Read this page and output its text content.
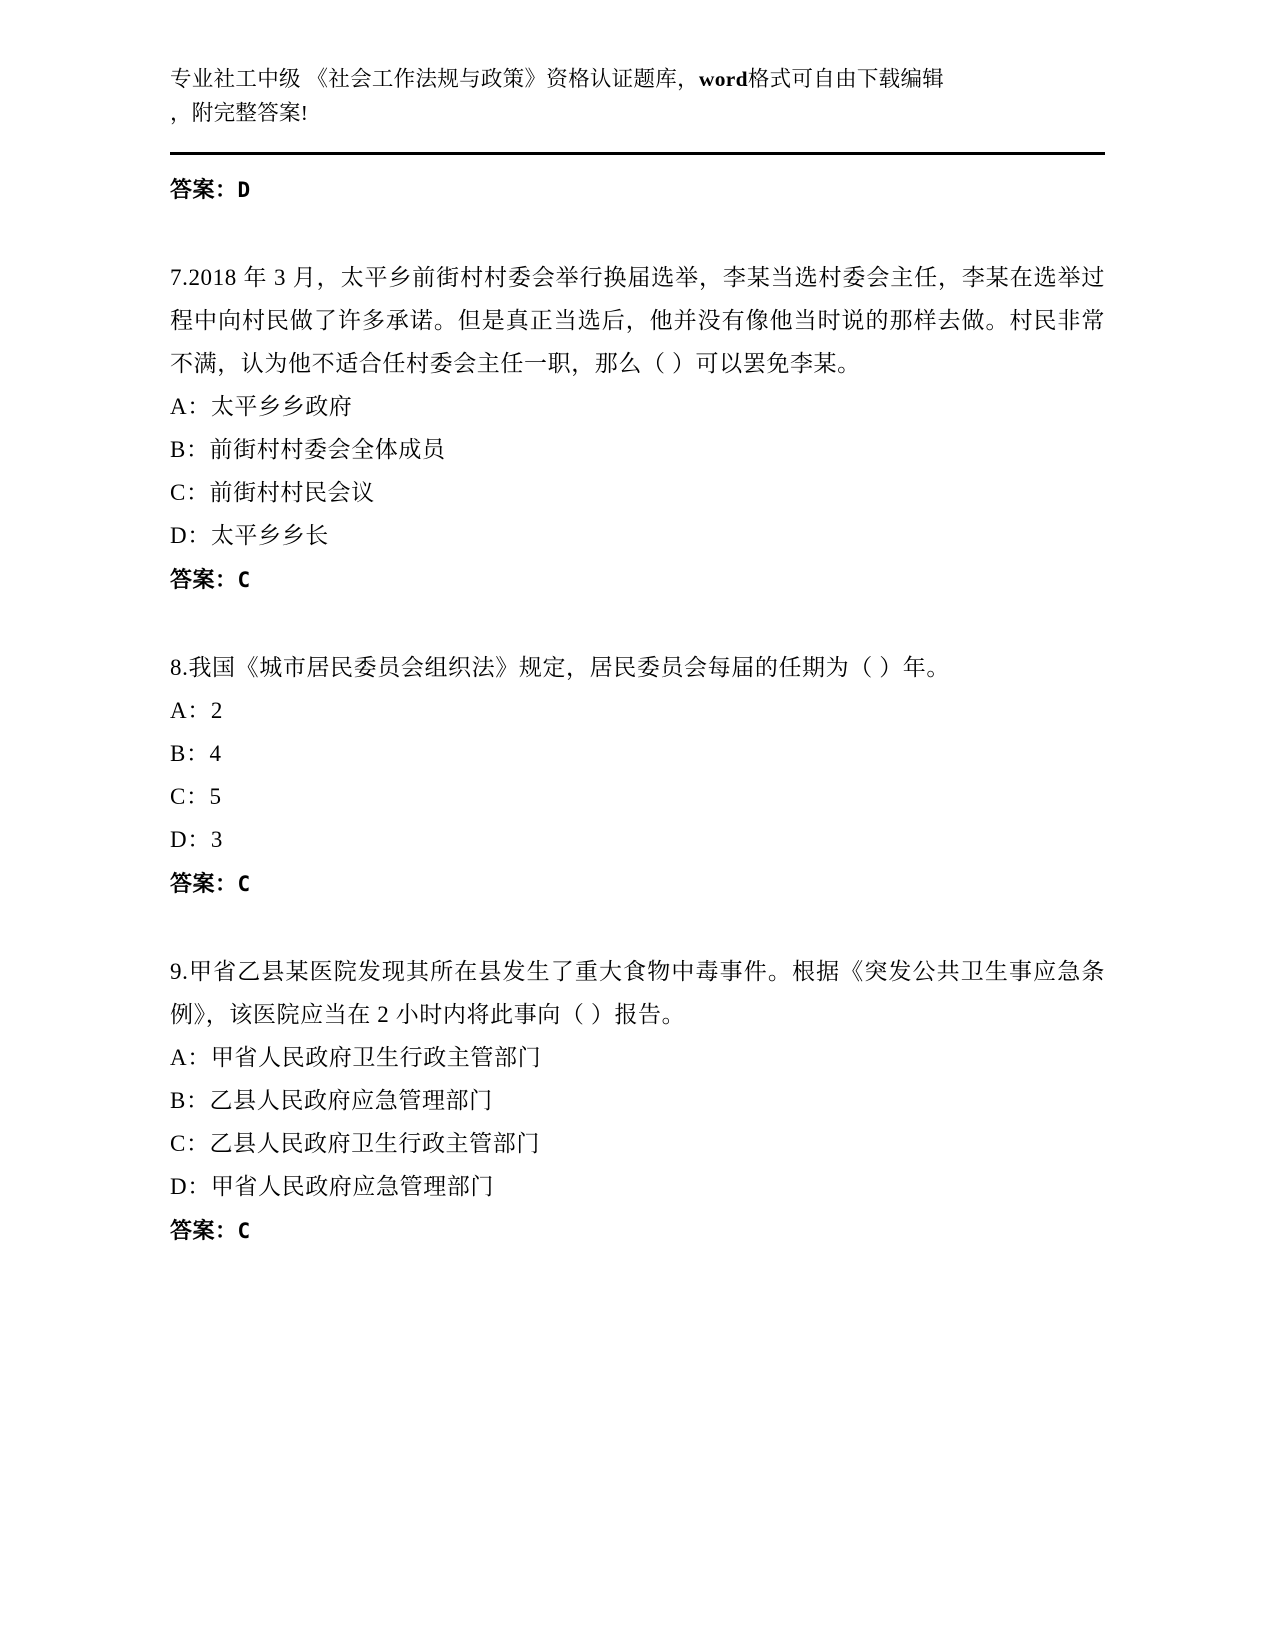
专业社工中级 《社会工作法规与政策》资格认证题库，word格式可自由下载编辑
，附完整答案!
答案：D
7.2018 年 3 月，太平乡前街村村委会举行换届选举，李某当选村委会主任，李某在选举过程中向村民做了许多承诺。但是真正当选后，他并没有像他当时说的那样去做。村民非常不满，认为他不适合任村委会主任一职，那么（ ）可以罢免李某。
A：太平乡乡政府
B：前街村村委会全体成员
C：前街村村民会议
D：太平乡乡长
答案：C
8.我国《城市居民委员会组织法》规定，居民委员会每届的任期为（ ）年。
A：2
B：4
C：5
D：3
答案：C
9.甲省乙县某医院发现其所在县发生了重大食物中毒事件。根据《突发公共卫生事应急条例》，该医院应当在 2 小时内将此事向（ ）报告。
A：甲省人民政府卫生行政主管部门
B：乙县人民政府应急管理部门
C：乙县人民政府卫生行政主管部门
D：甲省人民政府应急管理部门
答案：C
